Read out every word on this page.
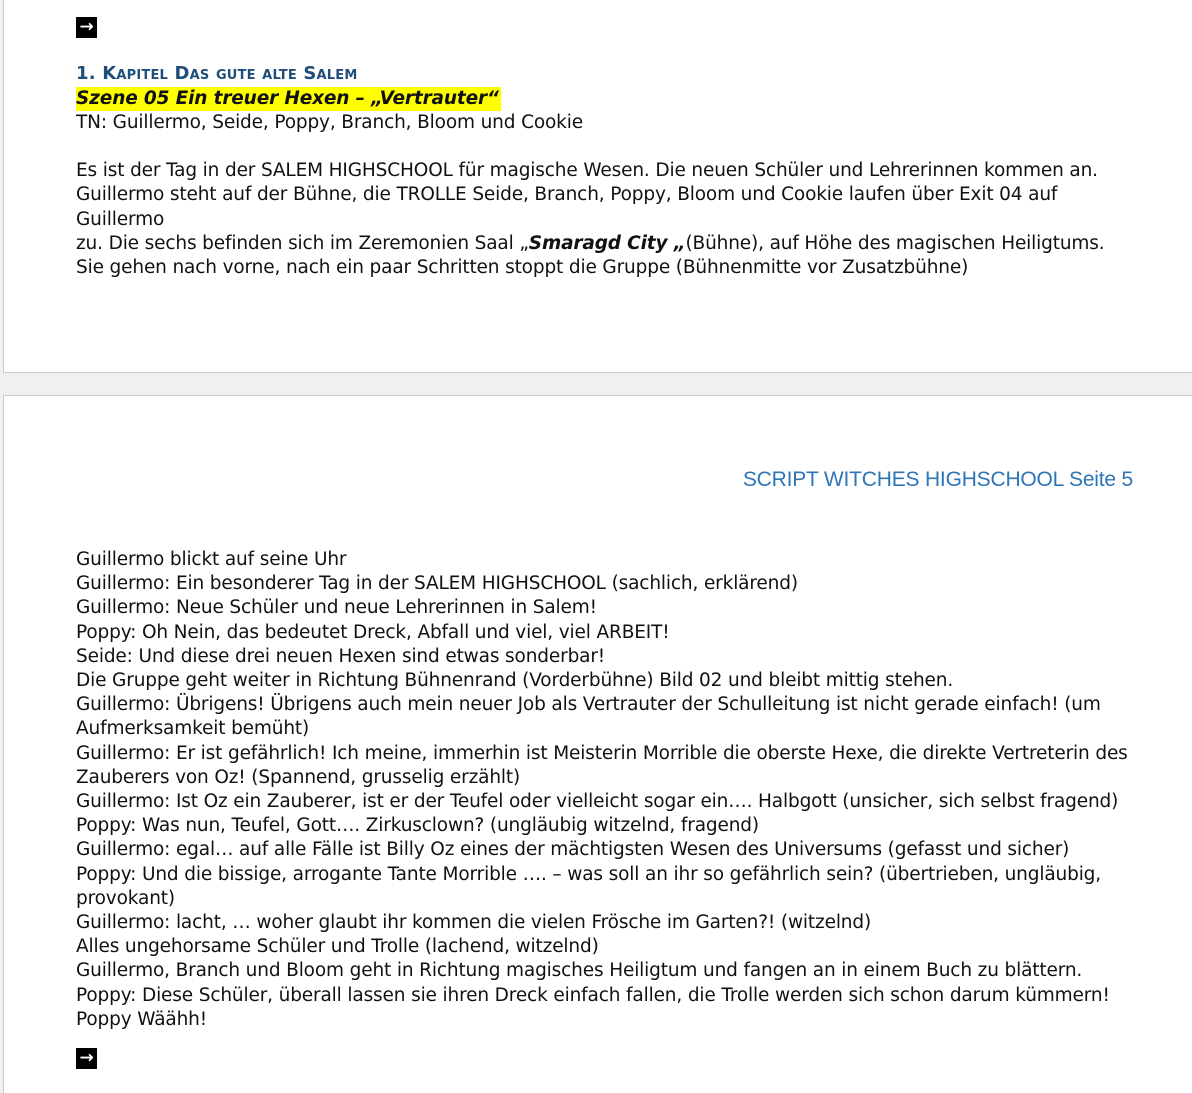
→
1. Kapitel Das gute alte Salem
Szene 05 Ein treuer Hexen – „Vertrauter“
TN: Guillermo, Seide, Poppy, Branch, Bloom und Cookie
Es ist der Tag in der SALEM HIGHSCHOOL für magische Wesen. Die neuen Schüler und Lehrerinnen kommen an.
Guillermo steht auf der Bühne, die TROLLE Seide, Branch, Poppy, Bloom und Cookie laufen über Exit 04 auf Guillermo
zu. Die sechs befinden sich im Zeremonien Saal „Smaragd City „(Bühne), auf Höhe des magischen Heiligtums.
Sie gehen nach vorne, nach ein paar Schritten stoppt die Gruppe (Bühnenmitte vor Zusatzbühne)
SCRIPT WITCHES HIGHSCHOOL Seite 5
Guillermo blickt auf seine Uhr
Guillermo: Ein besonderer Tag in der SALEM HIGHSCHOOL (sachlich, erklärend)
Guillermo: Neue Schüler und neue Lehrerinnen in Salem!
Poppy: Oh Nein, das bedeutet Dreck, Abfall und viel, viel ARBEIT!
Seide: Und diese drei neuen Hexen sind etwas sonderbar!
Die Gruppe geht weiter in Richtung Bühnenrand (Vorderbühne) Bild 02 und bleibt mittig stehen.
Guillermo: Übrigens! Übrigens auch mein neuer Job als Vertrauter der Schulleitung ist nicht gerade einfach! (um Aufmerksamkeit bemüht)
Guillermo: Er ist gefährlich! Ich meine, immerhin ist Meisterin Morrible die oberste Hexe, die direkte Vertreterin des Zauberers von Oz! (Spannend, grusselig erzählt)
Guillermo: Ist Oz ein Zauberer, ist er der Teufel oder vielleicht sogar ein…. Halbgott (unsicher, sich selbst fragend)
Poppy: Was nun, Teufel, Gott…. Zirkusclown? (ungläubig witzelnd, fragend)
Guillermo: egal… auf alle Fälle ist Billy Oz eines der mächtigsten Wesen des Universums (gefasst und sicher)
Poppy: Und die bissige, arrogante Tante Morrible …. – was soll an ihr so gefährlich sein? (übertrieben, ungläubig, provokant)
Guillermo: lacht, … woher glaubt ihr kommen die vielen Frösche im Garten?! (witzelnd)
Alles ungehorsame Schüler und Trolle (lachend, witzelnd)
Guillermo, Branch und Bloom geht in Richtung magisches Heiligtum und fangen an in einem Buch zu blättern.
Poppy: Diese Schüler, überall lassen sie ihren Dreck einfach fallen, die Trolle werden sich schon darum kümmern!
Poppy Wäähh!
→
